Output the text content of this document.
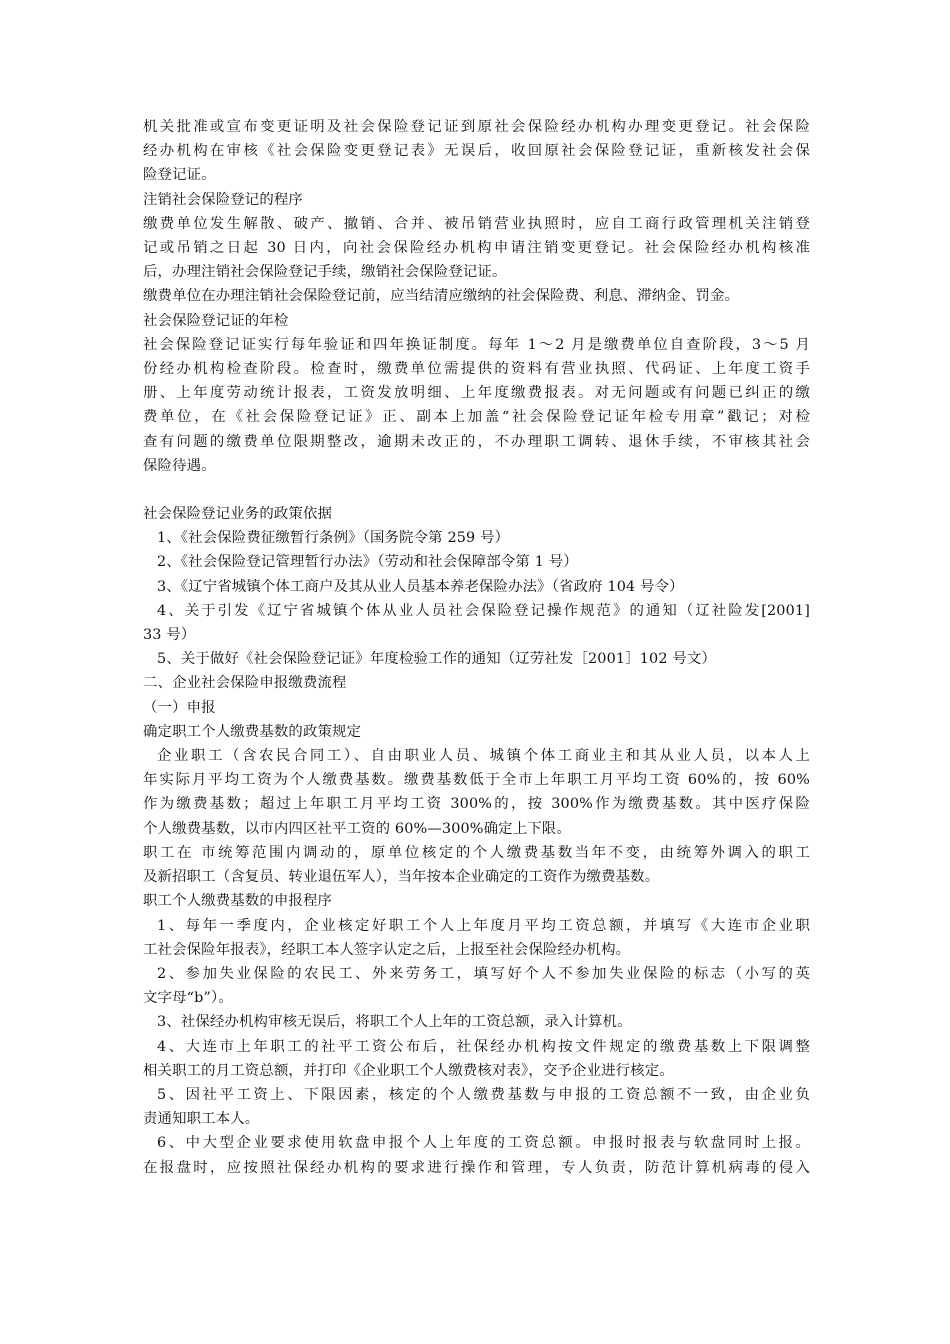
机关批准或宣布变更证明及社会保险登记证到原社会保险经办机构办理变更登记。社会保险

经办机构在审核《社会保险变更登记表》无误后，收回原社会保险登记证，重新核发社会保

险登记证。

注销社会保险登记的程序

缴费单位发生解散、破产、撤销、合并、被吊销营业执照时，应自工商行政管理机关注销登

记或吊销之日起 30 日内，向社会保险经办机构申请注销变更登记。社会保险经办机构核准

后，办理注销社会保险登记手续，缴销社会保险登记证。

缴费单位在办理注销社会保险登记前，应当结清应缴纳的社会保险费、利息、滞纳金、罚金。

社会保险登记证的年检

社会保险登记证实行每年验证和四年换证制度。每年 1～2 月是缴费单位自查阶段，3～5 月

份经办机构检查阶段。检查时，缴费单位需提供的资料有营业执照、代码证、上年度工资手

册、上年度劳动统计报表，工资发放明细、上年度缴费报表。对无问题或有问题已纠正的缴

费单位，在《社会保险登记证》正、副本上加盖“社会保险登记证年检专用章”戳记；对检

查有问题的缴费单位限期整改，逾期未改正的，不办理职工调转、退休手续，不审核其社会

保险待遇。

社会保险登记业务的政策依据

1、《社会保险费征缴暂行条例》（国务院令第 259 号）

2、《社会保险登记管理暂行办法》（劳动和社会保障部令第 1 号）

3、《辽宁省城镇个体工商户及其从业人员基本养老保险办法》（省政府 104 号令）

4、关于引发《辽宁省城镇个体从业人员社会保险登记操作规范》的通知（辽社险发[2001]

33 号）

5、关于做好《社会保险登记证》年度检验工作的通知（辽劳社发［2001］102 号文）

二、企业社会保险申报缴费流程

（一）申报

确定职工个人缴费基数的政策规定

企业职工（含农民合同工）、自由职业人员、城镇个体工商业主和其从业人员，以本人上

年实际月平均工资为个人缴费基数。缴费基数低于全市上年职工月平均工资 60%的，按 60%

作为缴费基数；超过上年职工月平均工资 300%的，按 300%作为缴费基数。其中医疗保险

个人缴费基数，以市内四区社平工资的 60%—300%确定上下限。

职工在 市统筹范围内调动的，原单位核定的个人缴费基数当年不变，由统筹外调入的职工

及新招职工（含复员、转业退伍军人），当年按本企业确定的工资作为缴费基数。

职工个人缴费基数的申报程序

1、每年一季度内，企业核定好职工个人上年度月平均工资总额，并填写《大连市企业职

工社会保险年报表》，经职工本人签字认定之后，上报至社会保险经办机构。

2、参加失业保险的农民工、外来劳务工，填写好个人不参加失业保险的标志（小写的英

文字母“b”）。

3、社保经办机构审核无误后，将职工个人上年的工资总额，录入计算机。

4、大连市上年职工的社平工资公布后，社保经办机构按文件规定的缴费基数上下限调整

相关职工的月工资总额，并打印《企业职工个人缴费核对表》，交予企业进行核定。

5、因社平工资上、下限因素，核定的个人缴费基数与申报的工资总额不一致，由企业负

责通知职工本人。

6、中大型企业要求使用软盘申报个人上年度的工资总额。申报时报表与软盘同时上报。

在报盘时，应按照社保经办机构的要求进行操作和管理，专人负责，防范计算机病毒的侵入
